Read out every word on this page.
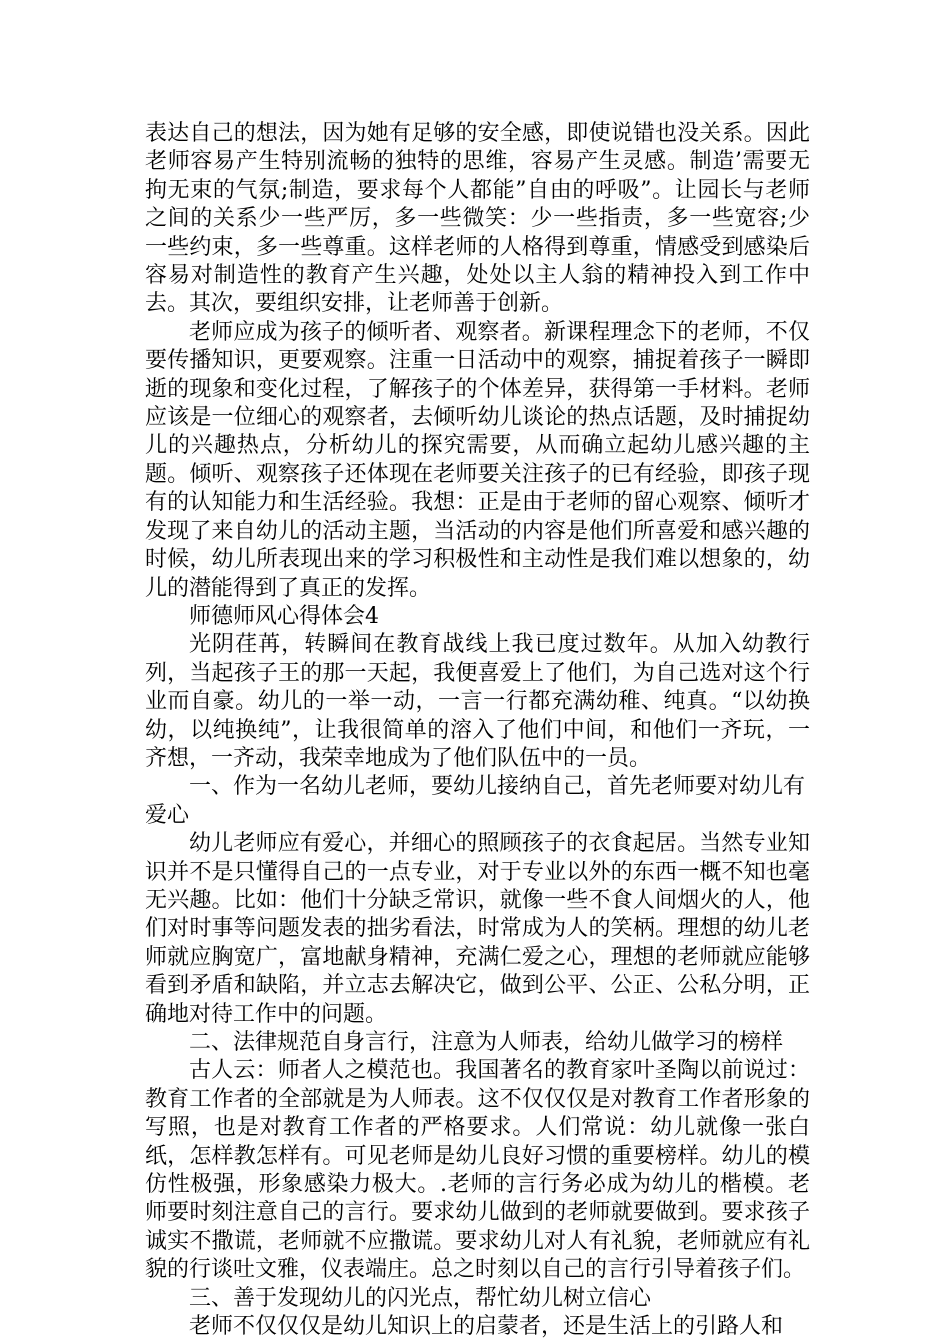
表达自己的想法，因为她有足够的安全感，即使说错也没关系。因此老师容易产生特别流畅的独特的思维，容易产生灵感。制造’需要无拘无束的气氛;制造，要求每个人都能”自由的呼吸”。让园长与老师之间的关系少一些严厉，多一些微笑：少一些指责，多一些宽容;少一些约束，多一些尊重。这样老师的人格得到尊重，情感受到感染后容易对制造性的教育产生兴趣，处处以主人翁的精神投入到工作中去。其次，要组织安排，让老师善于创新。

老师应成为孩子的倾听者、观察者。新课程理念下的老师，不仅要传播知识，更要观察。注重一日活动中的观察，捕捉着孩子一瞬即逝的现象和变化过程，了解孩子的个体差异，获得第一手材料。老师应该是一位细心的观察者，去倾听幼儿谈论的热点话题，及时捕捉幼儿的兴趣热点，分析幼儿的探究需要，从而确立起幼儿感兴趣的主题。倾听、观察孩子还体现在老师要关注孩子的已有经验，即孩子现有的认知能力和生活经验。我想：正是由于老师的留心观察、倾听才发现了来自幼儿的活动主题，当活动的内容是他们所喜爱和感兴趣的时候，幼儿所表现出来的学习积极性和主动性是我们难以想象的，幼儿的潜能得到了真正的发挥。

师德师风心得体会4

光阴荏苒，转瞬间在教育战线上我已度过数年。从加入幼教行列，当起孩子王的那一天起，我便喜爱上了他们，为自己选对这个行业而自豪。幼儿的一举一动，一言一行都充满幼稚、纯真。“以幼换幼，以纯换纯”，让我很简单的溶入了他们中间，和他们一齐玩，一齐想，一齐动，我荣幸地成为了他们队伍中的一员。

一、作为一名幼儿老师，要幼儿接纳自己，首先老师要对幼儿有爱心

幼儿老师应有爱心，并细心的照顾孩子的衣食起居。当然专业知识并不是只懂得自己的一点专业，对于专业以外的东西一概不知也毫无兴趣。比如：他们十分缺乏常识，就像一些不食人间烟火的人，他们对时事等问题发表的拙劣看法，时常成为人的笑柄。理想的幼儿老师就应胸宽广，富地献身精神，充满仁爱之心，理想的老师就应能够看到矛盾和缺陷，并立志去解决它，做到公平、公正、公私分明，正确地对待工作中的问题。

二、法律规范自身言行，注意为人师表，给幼儿做学习的榜样

古人云：师者人之模范也。我国著名的教育家叶圣陶以前说过：教育工作者的全部就是为人师表。这不仅仅仅是对教育工作者形象的写照，也是对教育工作者的严格要求。人们常说：幼儿就像一张白纸，怎样教怎样有。可见老师是幼儿良好习惯的重要榜样。幼儿的模仿性极强，形象感染力极大。.老师的言行务必成为幼儿的楷模。老师要时刻注意自己的言行。要求幼儿做到的老师就要做到。要求孩子诚实不撒谎，老师就不应撒谎。要求幼儿对人有礼貌，老师就应有礼貌的行谈吐文雅，仪表端庄。总之时刻以自己的言行引导着孩子们。

三、善于发现幼儿的闪光点，帮忙幼儿树立信心

老师不仅仅仅是幼儿知识上的启蒙者，还是生活上的引路人和
